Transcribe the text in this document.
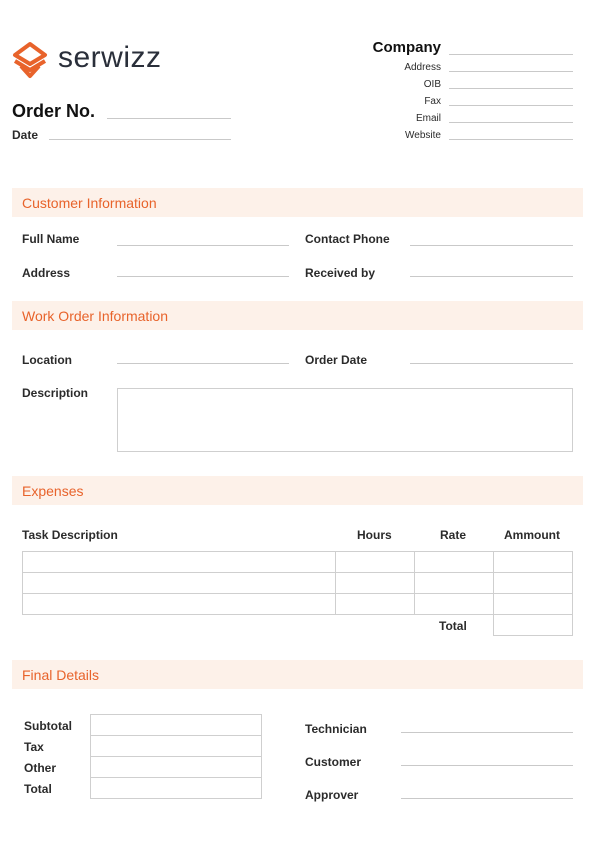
serwizz
Order No.
Date
Company
Address
OIB
Fax
Email
Website
Customer Information
Full Name	Contact Phone
Address	Received by
Work Order Information
Location	Order Date
Description
Expenses
Task Description	Hours	Rate	Ammount
Total
Final Details
Subtotal
Tax
Other
Total
Technician
Customer
Approver
